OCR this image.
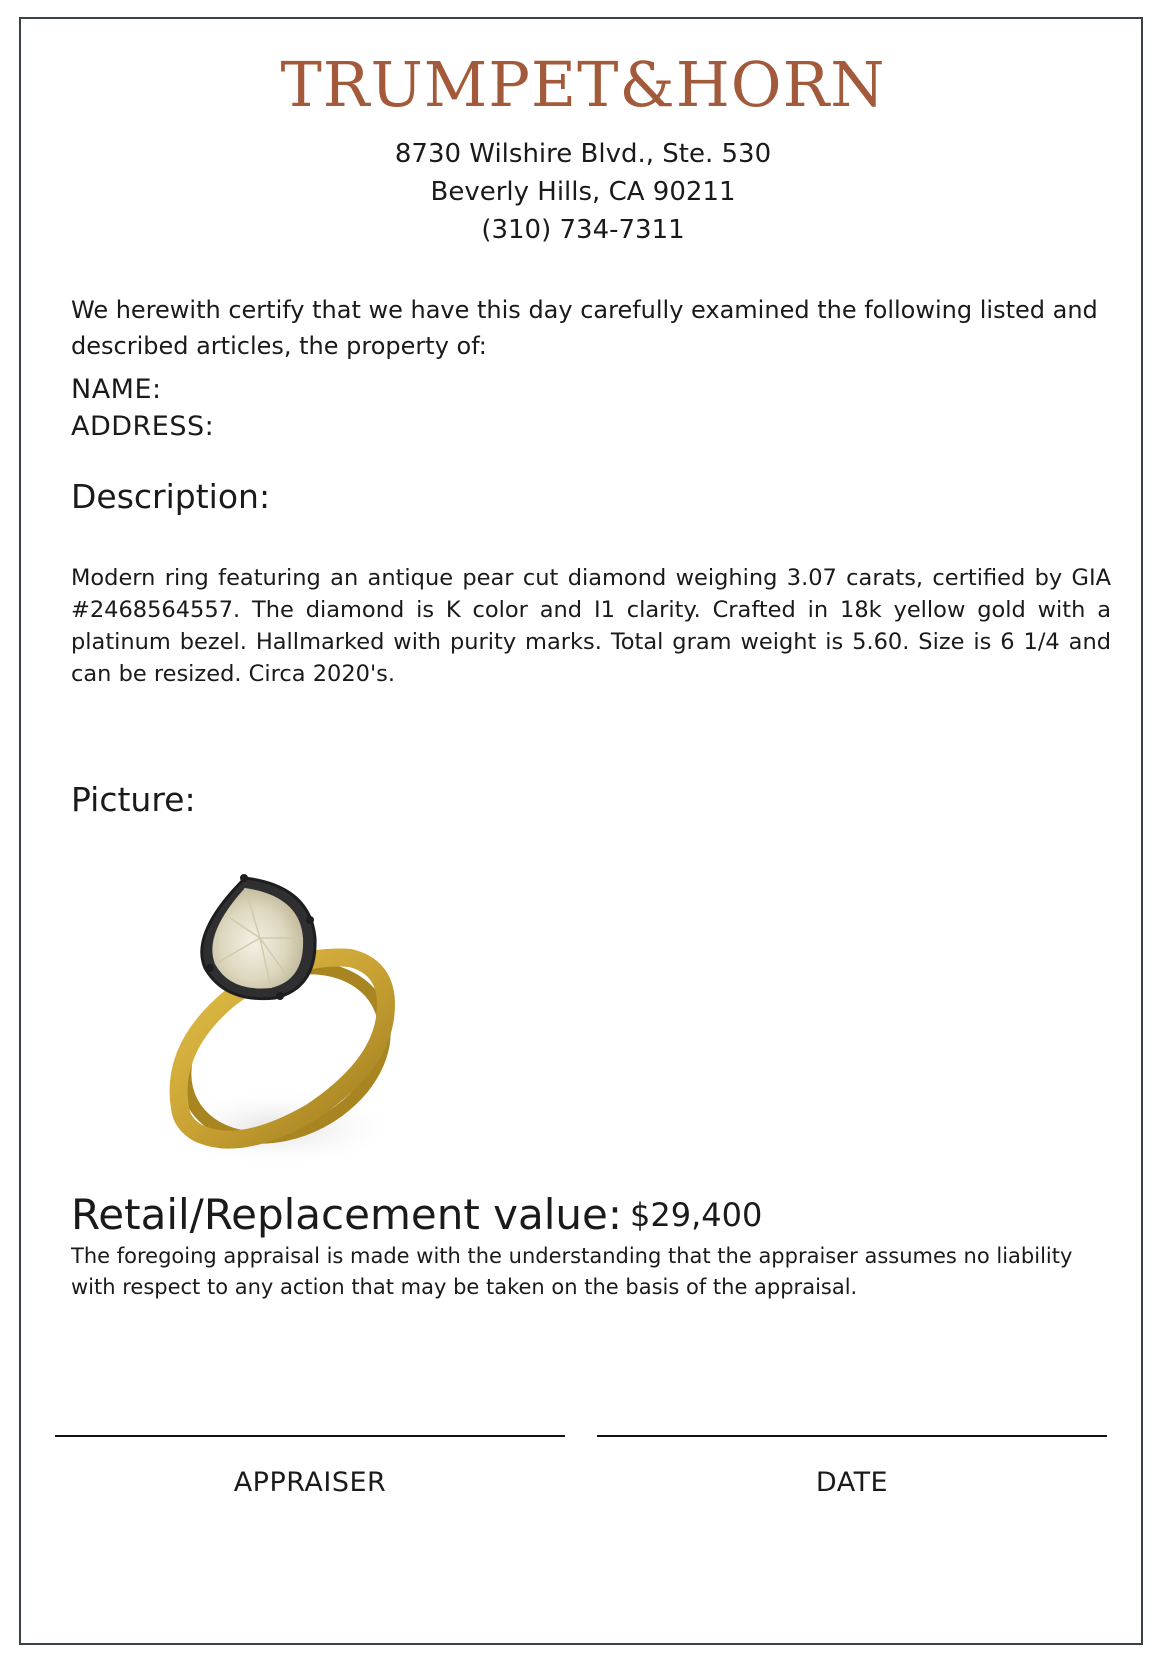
TRUMPET&HORN
8730 Wilshire Blvd., Ste. 530
Beverly Hills, CA 90211
(310) 734-7311
We herewith certify that we have this day carefully examined the following listed and described articles, the property of:
NAME:
ADDRESS:
Description:
Modern ring featuring an antique pear cut diamond weighing 3.07 carats, certified by GIA #2468564557. The diamond is K color and I1 clarity. Crafted in 18k yellow gold with a platinum bezel. Hallmarked with purity marks. Total gram weight is 5.60. Size is 6 1/4 and can be resized. Circa 2020's.
Picture:
Retail/Replacement value: $29,400
The foregoing appraisal is made with the understanding that the appraiser assumes no liability with respect to any action that may be taken on the basis of the appraisal.
APPRAISER	DATE
